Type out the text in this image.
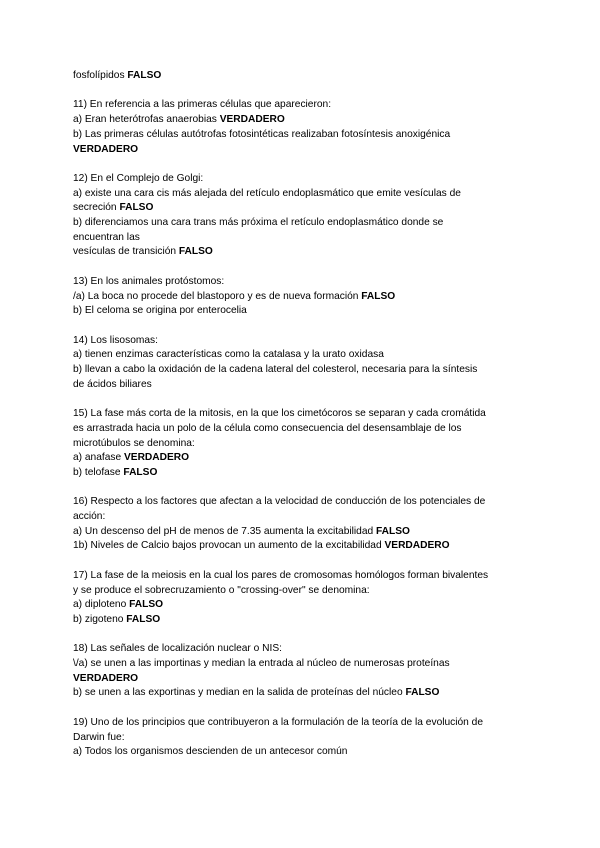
fosfolípidos FALSO
11) En referencia a las primeras células que aparecieron:
a) Eran heterótrofas anaerobias VERDADERO
b) Las primeras células autótrofas fotosintéticas realizaban fotosíntesis anoxigénica
VERDADERO
12) En el Complejo de Golgi:
a) existe una cara cis más alejada del retículo endoplasmático que emite vesículas de
secreción FALSO
b) diferenciamos una cara trans más próxima el retículo endoplasmático donde se
encuentran las
vesículas de transición FALSO
13) En los animales protóstomos:
/a) La boca no procede del blastoporo y es de nueva formación FALSO
b) El celoma se origina por enterocelia
14) Los lisosomas:
a) tienen enzimas características como la catalasa y la urato oxidasa
b) llevan a cabo la oxidación de la cadena lateral del colesterol, necesaria para la síntesis
de ácidos biliares
15) La fase más corta de la mitosis, en la que los cimetócoros se separan y cada cromátida
es arrastrada hacia un polo de la célula como consecuencia del desensamblaje de los
microtúbulos se denomina:
a) anafase VERDADERO
b) telofase FALSO
16) Respecto a los factores que afectan a la velocidad de conducción de los potenciales de
acción:
a) Un descenso del pH de menos de 7.35 aumenta la excitabilidad FALSO
1b) Niveles de Calcio bajos provocan un aumento de la excitabilidad VERDADERO
17) La fase de la meiosis en la cual los pares de cromosomas homólogos forman bivalentes
y se produce el sobrecruzamiento o "crossing-over" se denomina:
a) diploteno FALSO
b) zigoteno FALSO
18) Las señales de localización nuclear o NIS:
\/a) se unen a las importinas y median la entrada al núcleo de numerosas proteínas
VERDADERO
b) se unen a las exportinas y median en la salida de proteínas del núcleo FALSO
19) Uno de los principios que contribuyeron a la formulación de la teoría de la evolución de
Darwin fue:
a) Todos los organismos descienden de un antecesor común
